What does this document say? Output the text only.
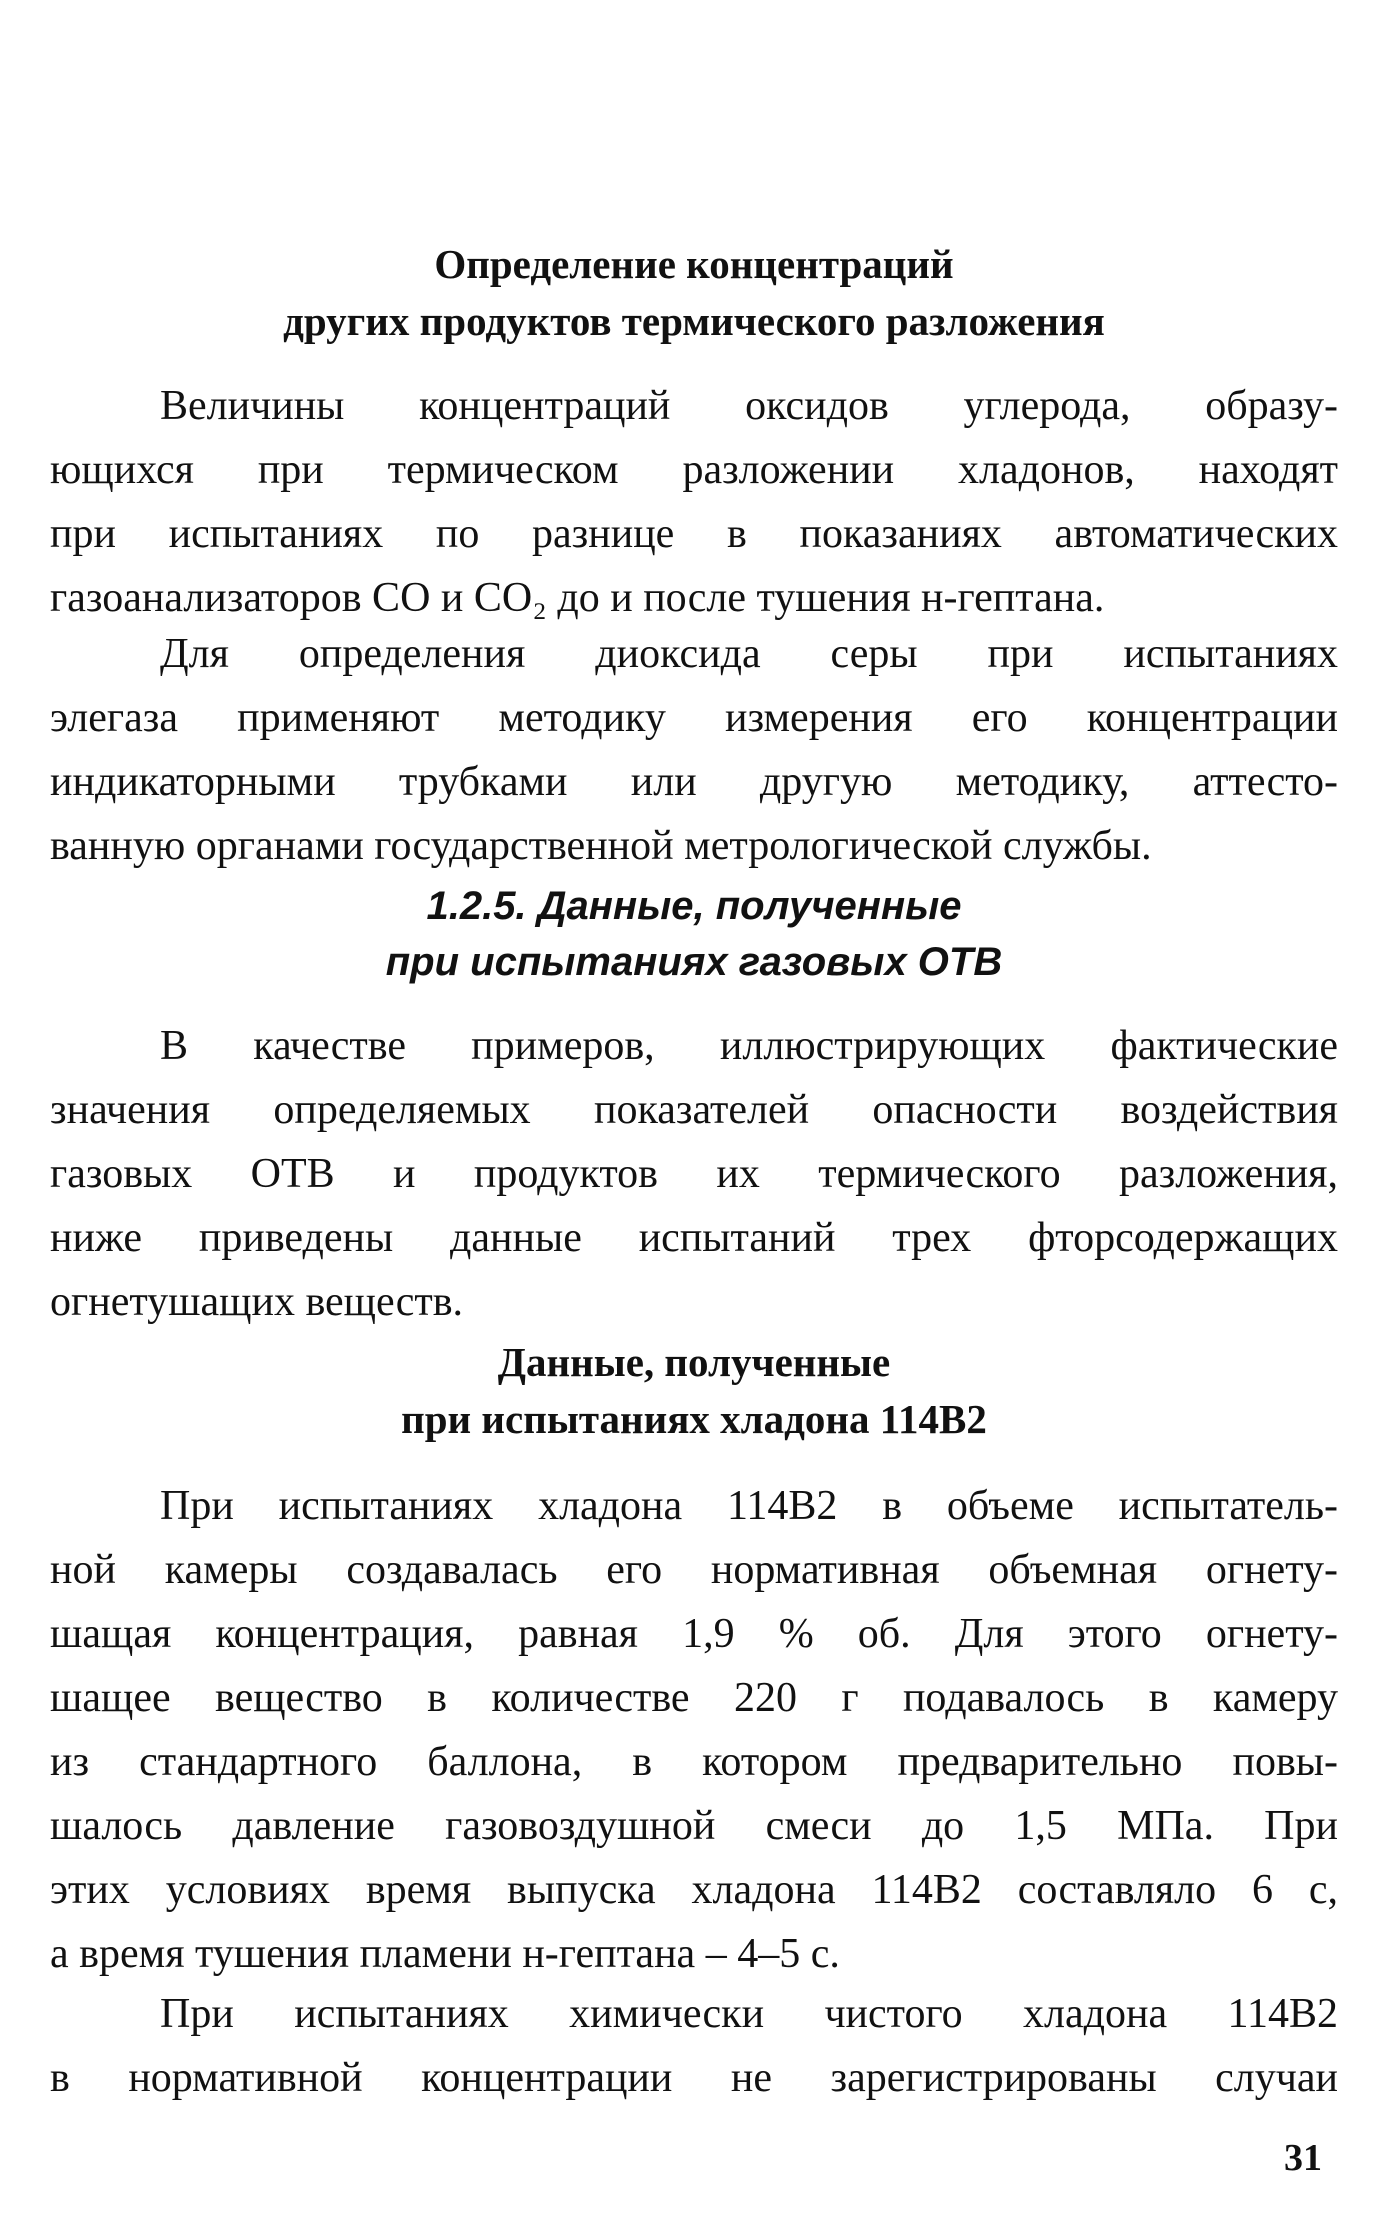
Определение концентраций
других продуктов термического разложения
Величины концентраций оксидов углерода, образу-
ющихся при термическом разложении хладонов, находят
при испытаниях по разнице в показаниях автоматических
газоанализаторов CO и CO₂ до и после тушения н-гептана.
Для определения диоксида серы при испытаниях
элегаза применяют методику измерения его концентрации
индикаторными трубками или другую методику, аттесто-
ванную органами государственной метрологической службы.
1.2.5. Данные, полученные
при испытаниях газовых ОТВ
В качестве примеров, иллюстрирующих фактические
значения определяемых показателей опасности воздействия
газовых ОТВ и продуктов их термического разложения,
ниже приведены данные испытаний трех фторсодержащих
огнетушащих веществ.
Данные, полученные
при испытаниях хладона 114В2
При испытаниях хладона 114В2 в объеме испытатель-
ной камеры создавалась его нормативная объемная огнету-
шащая концентрация, равная 1,9 % об. Для этого огнету-
шащее вещество в количестве 220 г подавалось в камеру
из стандартного баллона, в котором предварительно повы-
шалось давление газовоздушной смеси до 1,5 МПа. При
этих условиях время выпуска хладона 114В2 составляло 6 с,
а время тушения пламени н-гептана – 4–5 с.
При испытаниях химически чистого хладона 114В2
в нормативной концентрации не зарегистрированы случаи
31
